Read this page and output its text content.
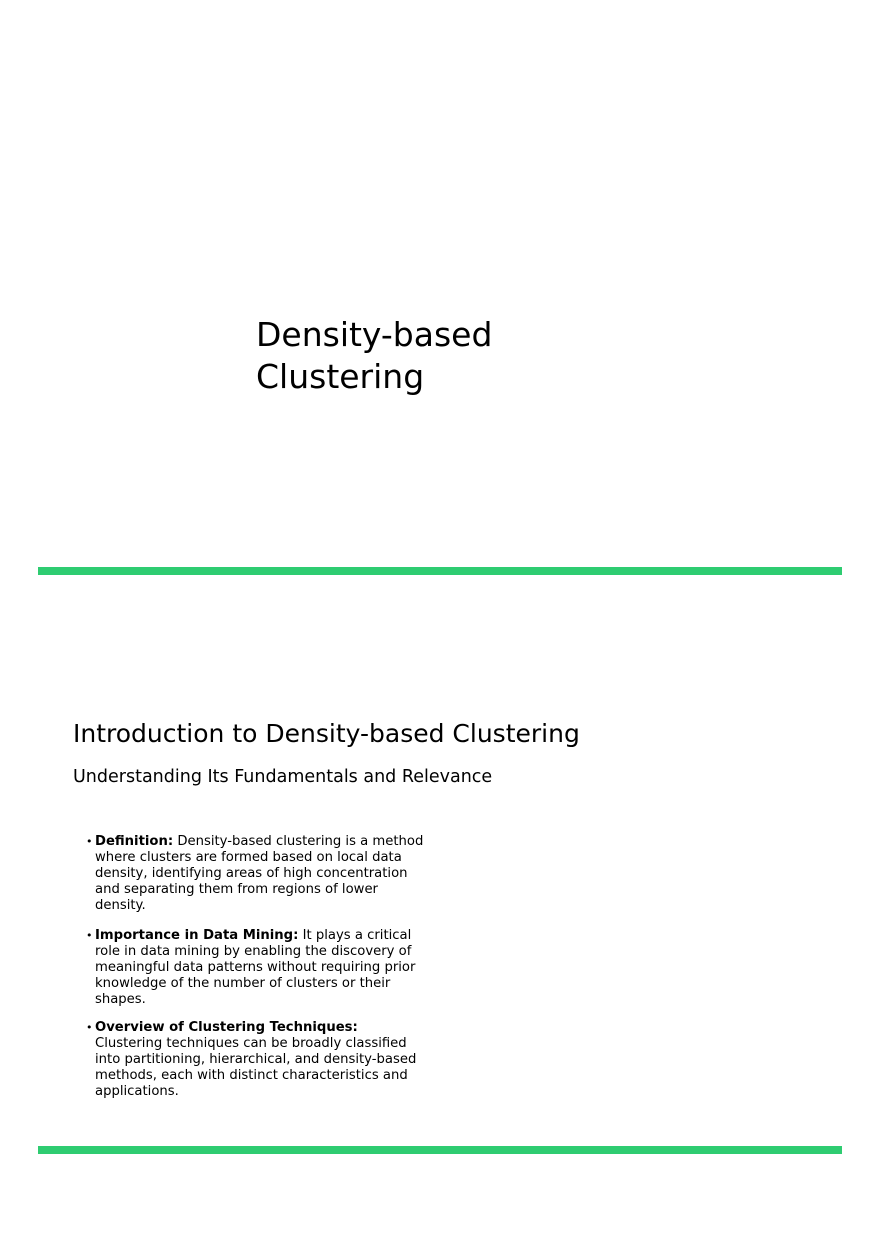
Density-based Clustering
Introduction to Density-based Clustering
Understanding Its Fundamentals and Relevance
• Definition: Density-based clustering is a method where clusters are formed based on local data density, identifying areas of high concentration and separating them from regions of lower density.
• Importance in Data Mining: It plays a critical role in data mining by enabling the discovery of meaningful data patterns without requiring prior knowledge of the number of clusters or their shapes.
• Overview of Clustering Techniques: Clustering techniques can be broadly classified into partitioning, hierarchical, and density-based methods, each with distinct characteristics and applications.
